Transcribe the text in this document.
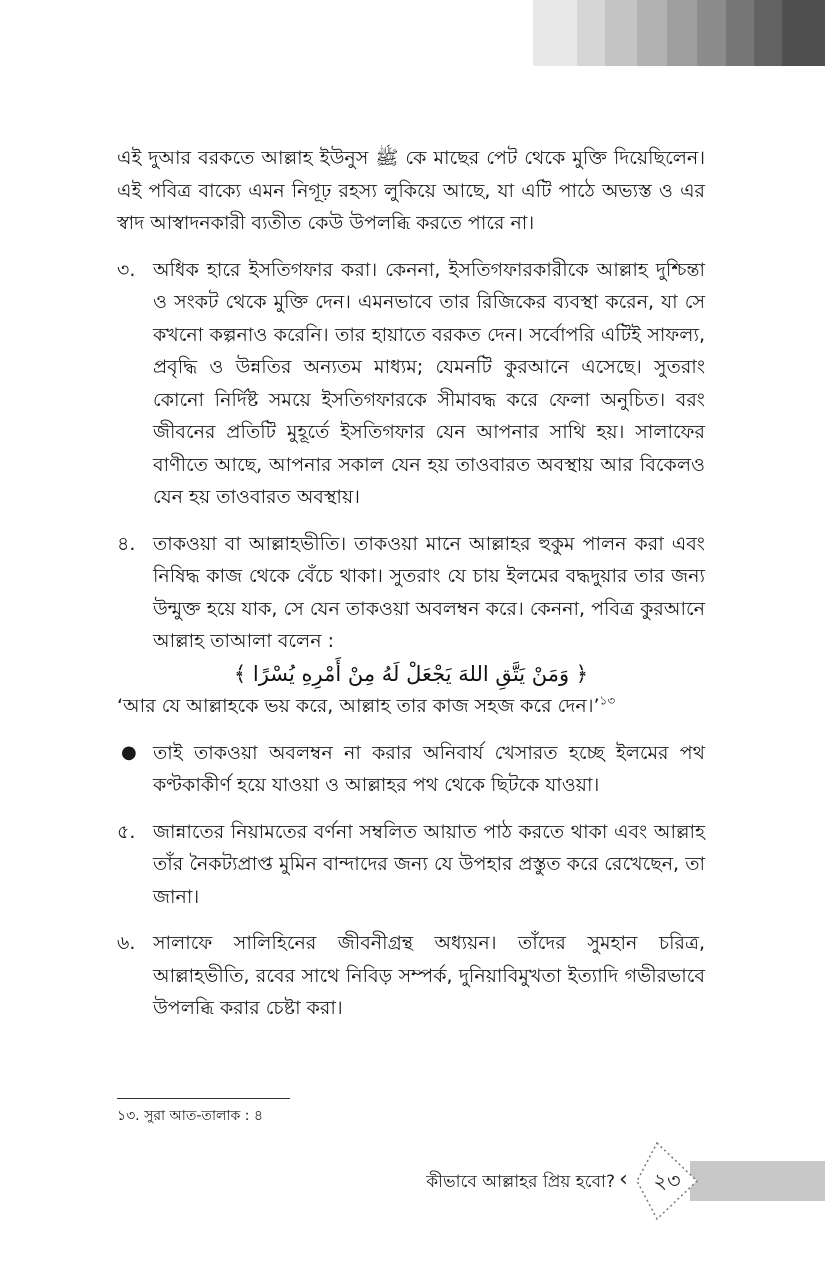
এই দুআর বরকতে আল্লাহ ইউনুস ﷺ কে মাছের পেট থেকে মুক্তি দিয়েছিলেন। এই পবিত্র বাক্যে এমন নিগূঢ় রহস্য লুকিয়ে আছে, যা এটি পাঠে অভ্যস্ত ও এর স্বাদ আস্বাদনকারী ব্যতীত কেউ উপলব্ধি করতে পারে না।

৩. অধিক হারে ইসতিগফার করা। কেননা, ইসতিগফারকারীকে আল্লাহ দুশ্চিন্তা ও সংকট থেকে মুক্তি দেন। এমনভাবে তার রিজিকের ব্যবস্থা করেন, যা সে কখনো কল্পনাও করেনি। তার হায়াতে বরকত দেন। সর্বোপরি এটিই সাফল্য, প্রবৃদ্ধি ও উন্নতির অন্যতম মাধ্যম; যেমনটি কুরআনে এসেছে। সুতরাং কোনো নির্দিষ্ট সময়ে ইসতিগফারকে সীমাবদ্ধ করে ফেলা অনুচিত। বরং জীবনের প্রতিটি মুহূর্তে ইসতিগফার যেন আপনার সাথি হয়। সালাফের বাণীতে আছে, আপনার সকাল যেন হয় তাওবারত অবস্থায় আর বিকেলও যেন হয় তাওবারত অবস্থায়।

৪. তাকওয়া বা আল্লাহভীতি। তাকওয়া মানে আল্লাহর হুকুম পালন করা এবং নিষিদ্ধ কাজ থেকে বেঁচে থাকা। সুতরাং যে চায় ইলমের বদ্ধদুয়ার তার জন্য উন্মুক্ত হয়ে যাক, সে যেন তাকওয়া অবলম্বন করে। কেননা, পবিত্র কুরআনে আল্লাহ তাআলা বলেন :

﴿ وَمَنْ يَتَّقِ اللهَ يَجْعَلْ لَهُ مِنْ أَمْرِهِ يُسْرًا ﴾

‘আর যে আল্লাহকে ভয় করে, আল্লাহ তার কাজ সহজ করে দেন।’$^{১৩}$

● তাই তাকওয়া অবলম্বন না করার অনিবার্য খেসারত হচ্ছে ইলমের পথ কণ্টকাকীর্ণ হয়ে যাওয়া ও আল্লাহর পথ থেকে ছিটকে যাওয়া।

৫. জান্নাতের নিয়ামতের বর্ণনা সম্বলিত আয়াত পাঠ করতে থাকা এবং আল্লাহ তাঁর নৈকট্যপ্রাপ্ত মুমিন বান্দাদের জন্য যে উপহার প্রস্তুত করে রেখেছেন, তা জানা।

৬. সালাফে সালিহিনের জীবনীগ্রন্থ অধ্যয়ন। তাঁদের সুমহান চরিত্র, আল্লাহভীতি, রবের সাথে নিবিড় সম্পর্ক, দুনিয়াবিমুখতা ইত্যাদি গভীরভাবে উপলব্ধি করার চেষ্টা করা।

১৩. সুরা আত-তালাক : ৪
কীভাবে আল্লাহর প্রিয় হবো? ‹	২৩
